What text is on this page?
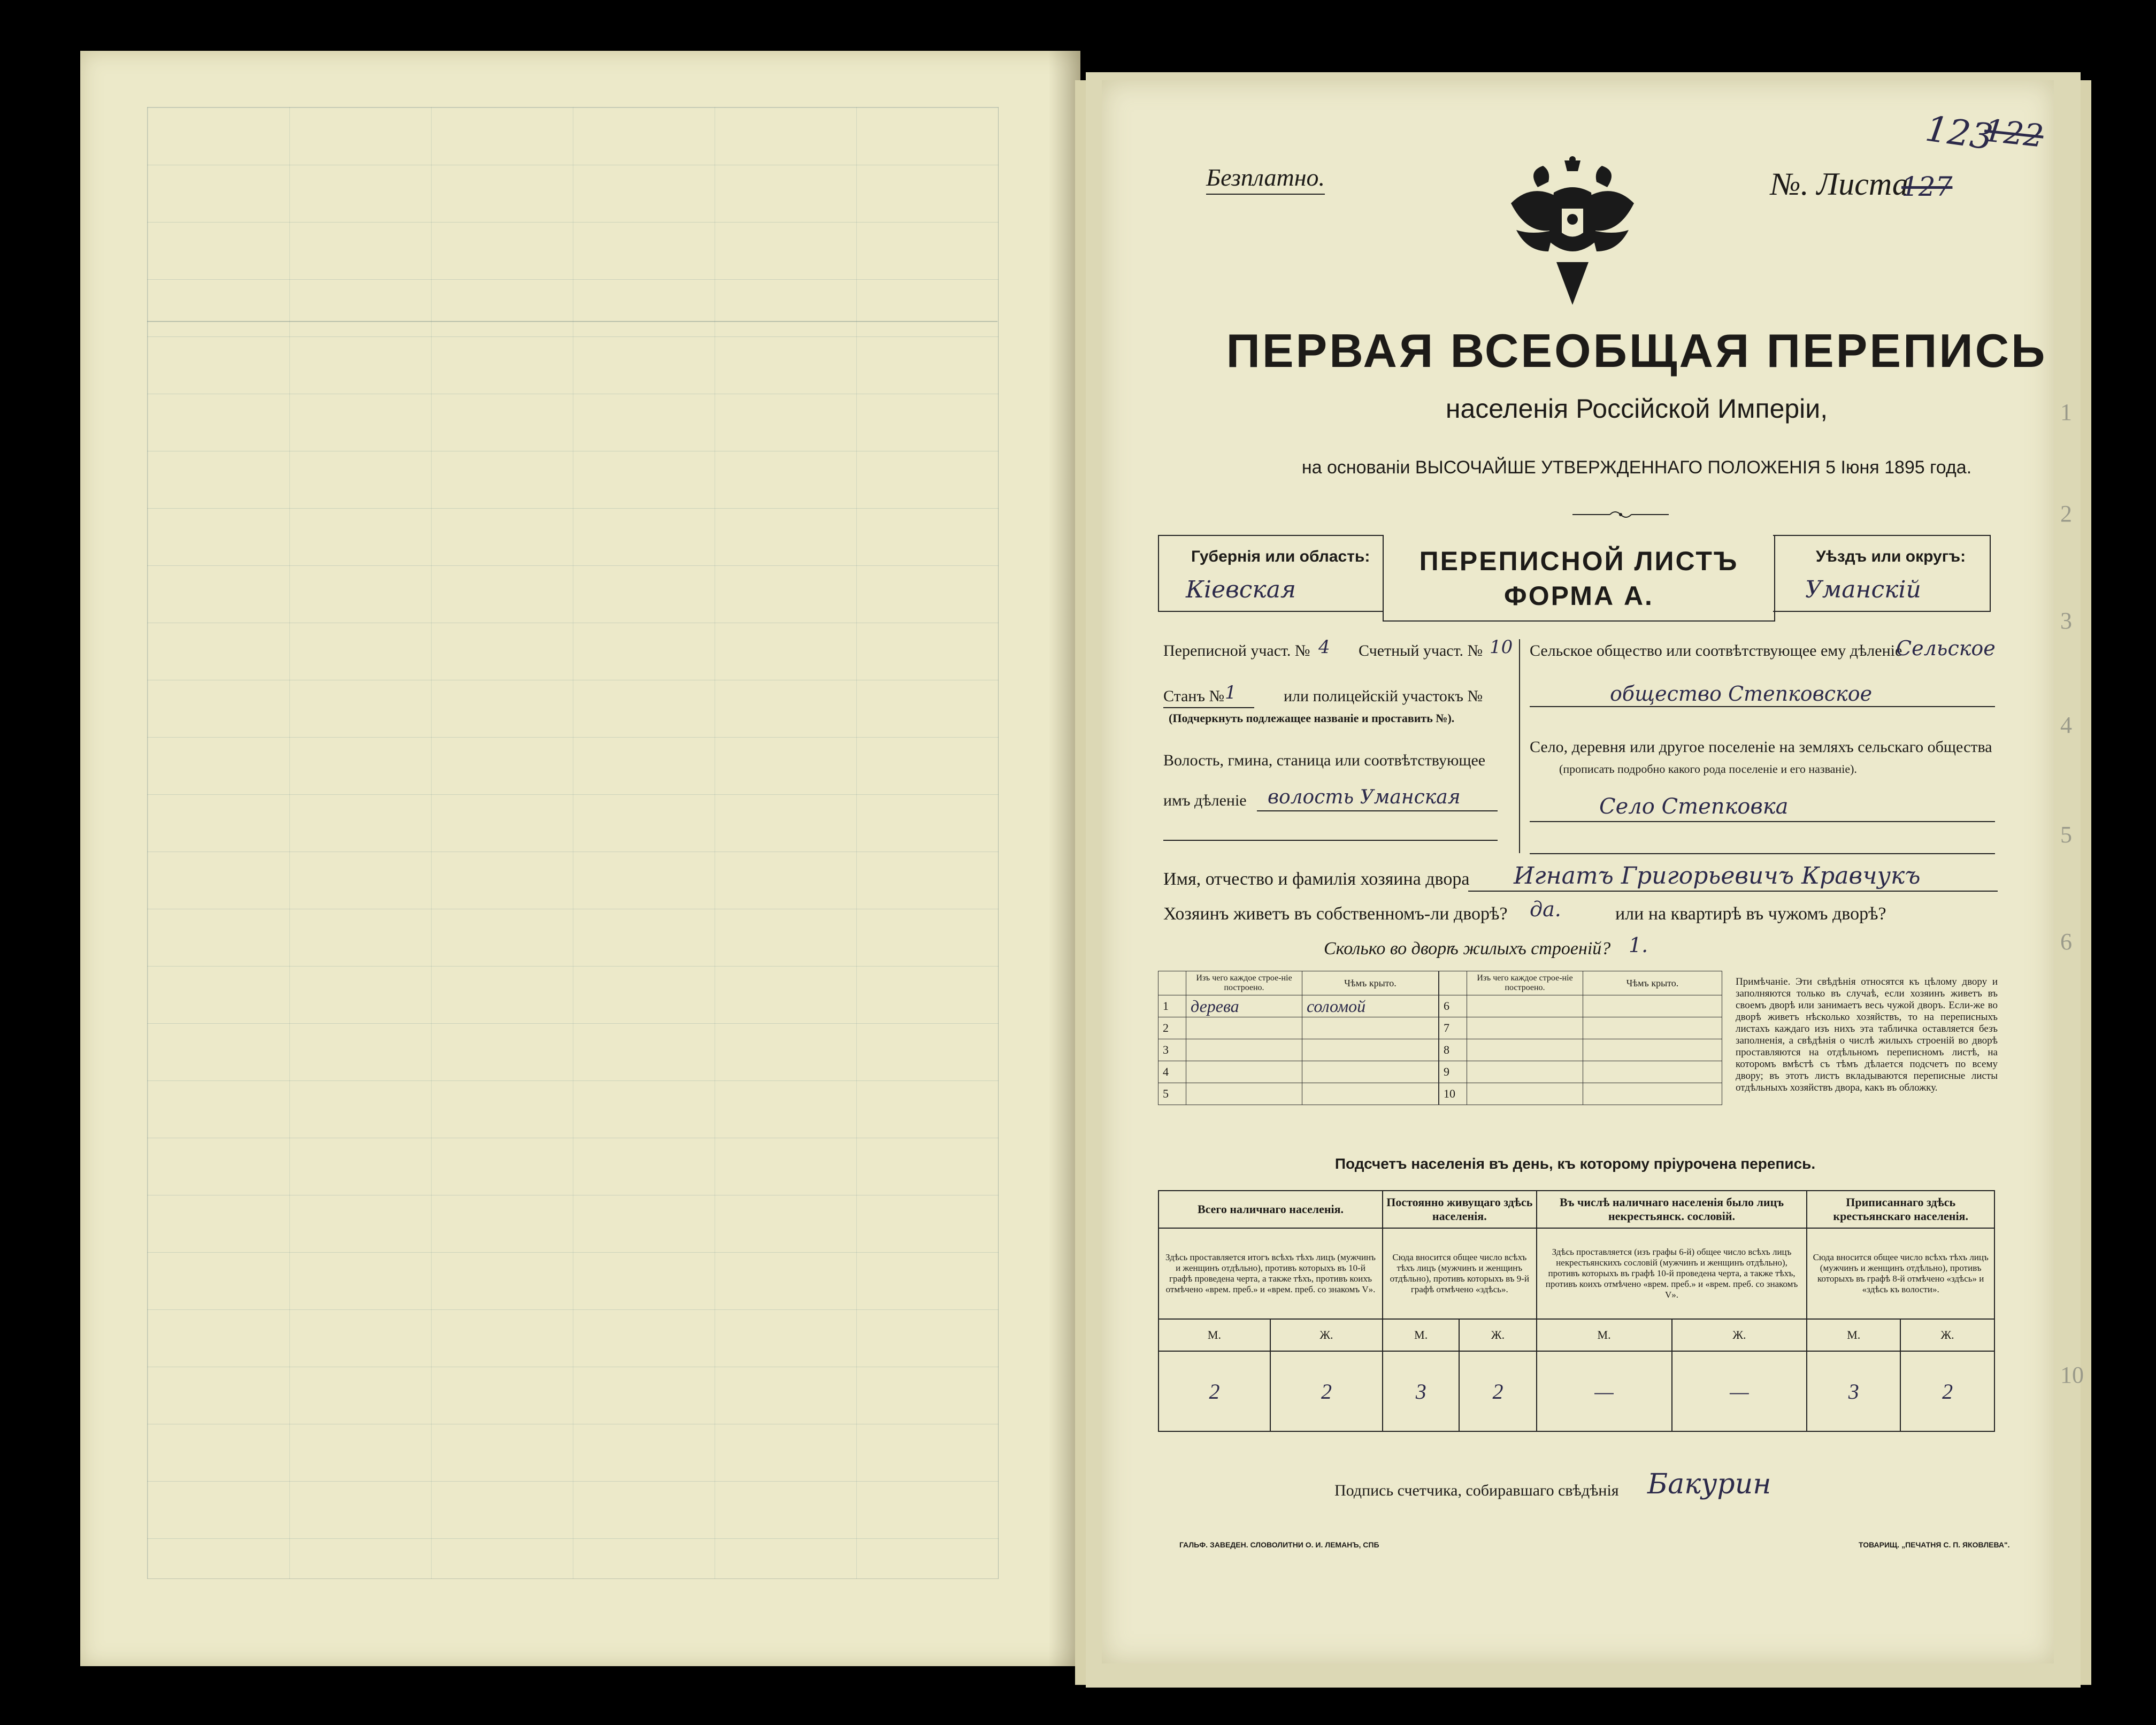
1
2
3
4
5
6
10
Безплатно.	№. Листа
127
123
122
ПЕРВАЯ ВСЕОБЩАЯ ПЕРЕПИСЬ
населенія Россійской Имперіи,
на основаніи ВЫСОЧАЙШЕ УТВЕРЖДЕННАГО ПОЛОЖЕНІЯ 5 Іюня 1895 года.
Губернія или область:
Кіевская
ПЕРЕПИСНОЙ ЛИСТЪ
ФОРМА А.
Уѣздъ или округъ:
Уманскій
Переписной участ. № 4 Счетный участ. № 10
Станъ № 1	или полицейскій участокъ №
(Подчеркнуть подлежащее названіе и проставить №).
Волость, гмина, станица или соотвѣтствующее
имъ дѣленіе волость Уманская
Сельское общество или соотвѣтствующее ему дѣленіе
Сельское
общество Степковское
Село, деревня или другое поселеніе на земляхъ сельскаго общества
(прописать подробно какого рода поселеніе и его названіе).
Село Степковка
Имя, отчество и фамилія хозяина двора Игнатъ Григорьевичъ Кравчукъ
Хозяинъ живетъ въ собственномъ-ли дворѣ? да.	или на квартирѣ въ чужомъ дворѣ?
Сколько во дворѣ жилыхъ строеній? 1.
	Изъ чего каждое строе-ніе построено.	Чѣмъ крыто.
1	дерева	соломой
2		
3		
4		
5		
	Изъ чего каждое строе-ніе построено.	Чѣмъ крыто.
6		
7		
8		
9		
10		
Примѣчаніе. Эти свѣдѣнія относятся къ цѣлому двору и заполняются только въ случаѣ, если хозяинъ живетъ въ своемъ дворѣ или занимаетъ весь чужой дворъ. Если-же во дворѣ живетъ нѣсколько хозяйствъ, то на переписныхъ листахъ каждаго изъ нихъ эта табличка оставляется безъ заполненія, а свѣдѣнія о числѣ жилыхъ строеній во дворѣ проставляются на отдѣльномъ переписномъ листѣ, на которомъ вмѣстѣ съ тѣмъ дѣлается подсчетъ по всему двору; въ этотъ листъ вкладываются переписные листы отдѣльныхъ хозяйствъ двора, какъ въ обложку.
Подсчетъ населенія въ день, къ которому пріурочена перепись.
Всего наличнаго населенія.		Постоянно живущаго здѣсь населенія.		Въ числѣ наличнаго населенія было лицъ некрестьянск. сословій.		Приписаннаго здѣсь крестьянскаго населенія.	
Здѣсь проставляется итогъ всѣхъ тѣхъ лицъ (мужчинъ и женщинъ отдѣльно), противъ которыхъ въ 10-й графѣ проведена черта, а также тѣхъ, противъ коихъ отмѣчено «врем. преб.» и «врем. преб. со знакомъ V».		Сюда вносится общее число всѣхъ тѣхъ лицъ (мужчинъ и женщинъ отдѣльно), противъ которыхъ въ 9-й графѣ отмѣчено «здѣсь».		Здѣсь проставляется (изъ графы 6-й) общее число всѣхъ лицъ некрестьянскихъ сословій (мужчинъ и женщинъ отдѣльно), противъ которыхъ въ графѣ 10-й проведена черта, а также тѣхъ, противъ коихъ отмѣчено «врем. преб.» и «врем. преб. со знакомъ V».		Сюда вносится общее число всѣхъ тѣхъ лицъ (мужчинъ и женщинъ отдѣльно), противъ которыхъ въ графѣ 8-й отмѣчено «здѣсь» и «здѣсь къ волости».	
М.	Ж.	М.	Ж.	М.	Ж.	М.	Ж.
2	2	3	2	—	—	3	2
Подпись счетчика, собиравшаго свѣдѣнія Бакурин
ГАЛЬФ. ЗАВЕДЕН. СЛОВОЛИТНИ О. И. ЛЕМАНЪ, СПБ	ТОВАРИЩ. „ПЕЧАТНЯ С. П. ЯКОВЛЕВА".
